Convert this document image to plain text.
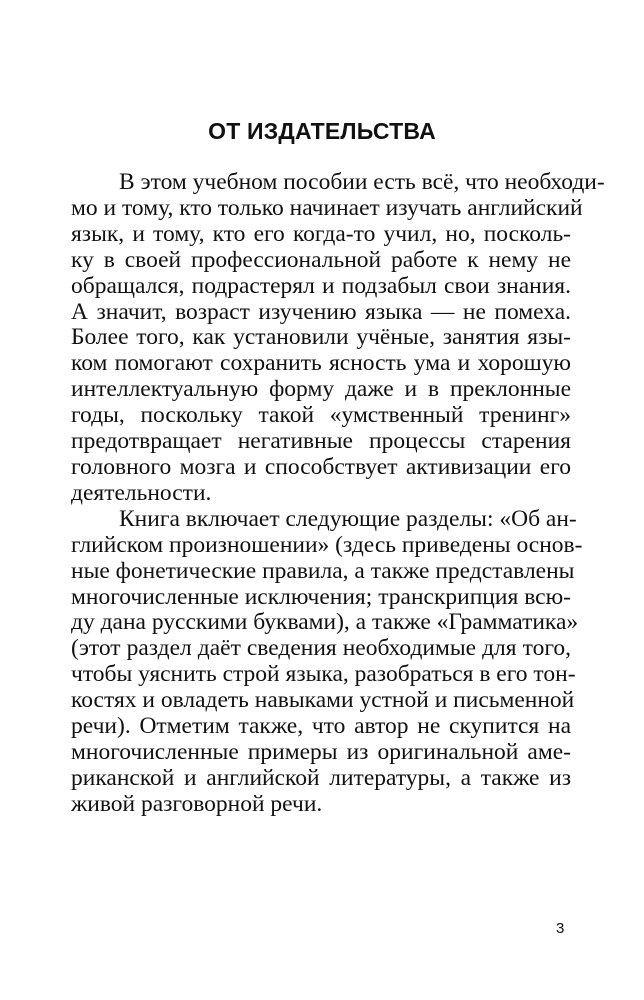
ОТ ИЗДАТЕЛЬСТВА
В этом учебном пособии есть всё, что необходи-
мо и тому, кто только начинает изучать английский
язык, и тому, кто его когда-то учил, но, посколь-
ку в своей профессиональной работе к нему не
обращался, подрастерял и подзабыл свои знания.
А значит, возраст изучению языка — не помеха.
Более того, как установили учёные, занятия язы-
ком помогают сохранить ясность ума и хорошую
интеллектуальную форму даже и в преклонные
годы, поскольку такой «умственный тренинг»
предотвращает негативные процессы старения
головного мозга и способствует активизации его
деятельности.
Книга включает следующие разделы: «Об ан-
глийском произношении» (здесь приведены основ-
ные фонетические правила, а также представлены
многочисленные исключения; транскрипция всю-
ду дана русскими буквами), а также «Грамматика»
(этот раздел даёт сведения необходимые для того,
чтобы уяснить строй языка, разобраться в его тон-
костях и овладеть навыками устной и письменной
речи). Отметим также, что автор не скупится на
многочисленные примеры из оригинальной аме-
риканской и английской литературы, а также из
живой разговорной речи.
3
